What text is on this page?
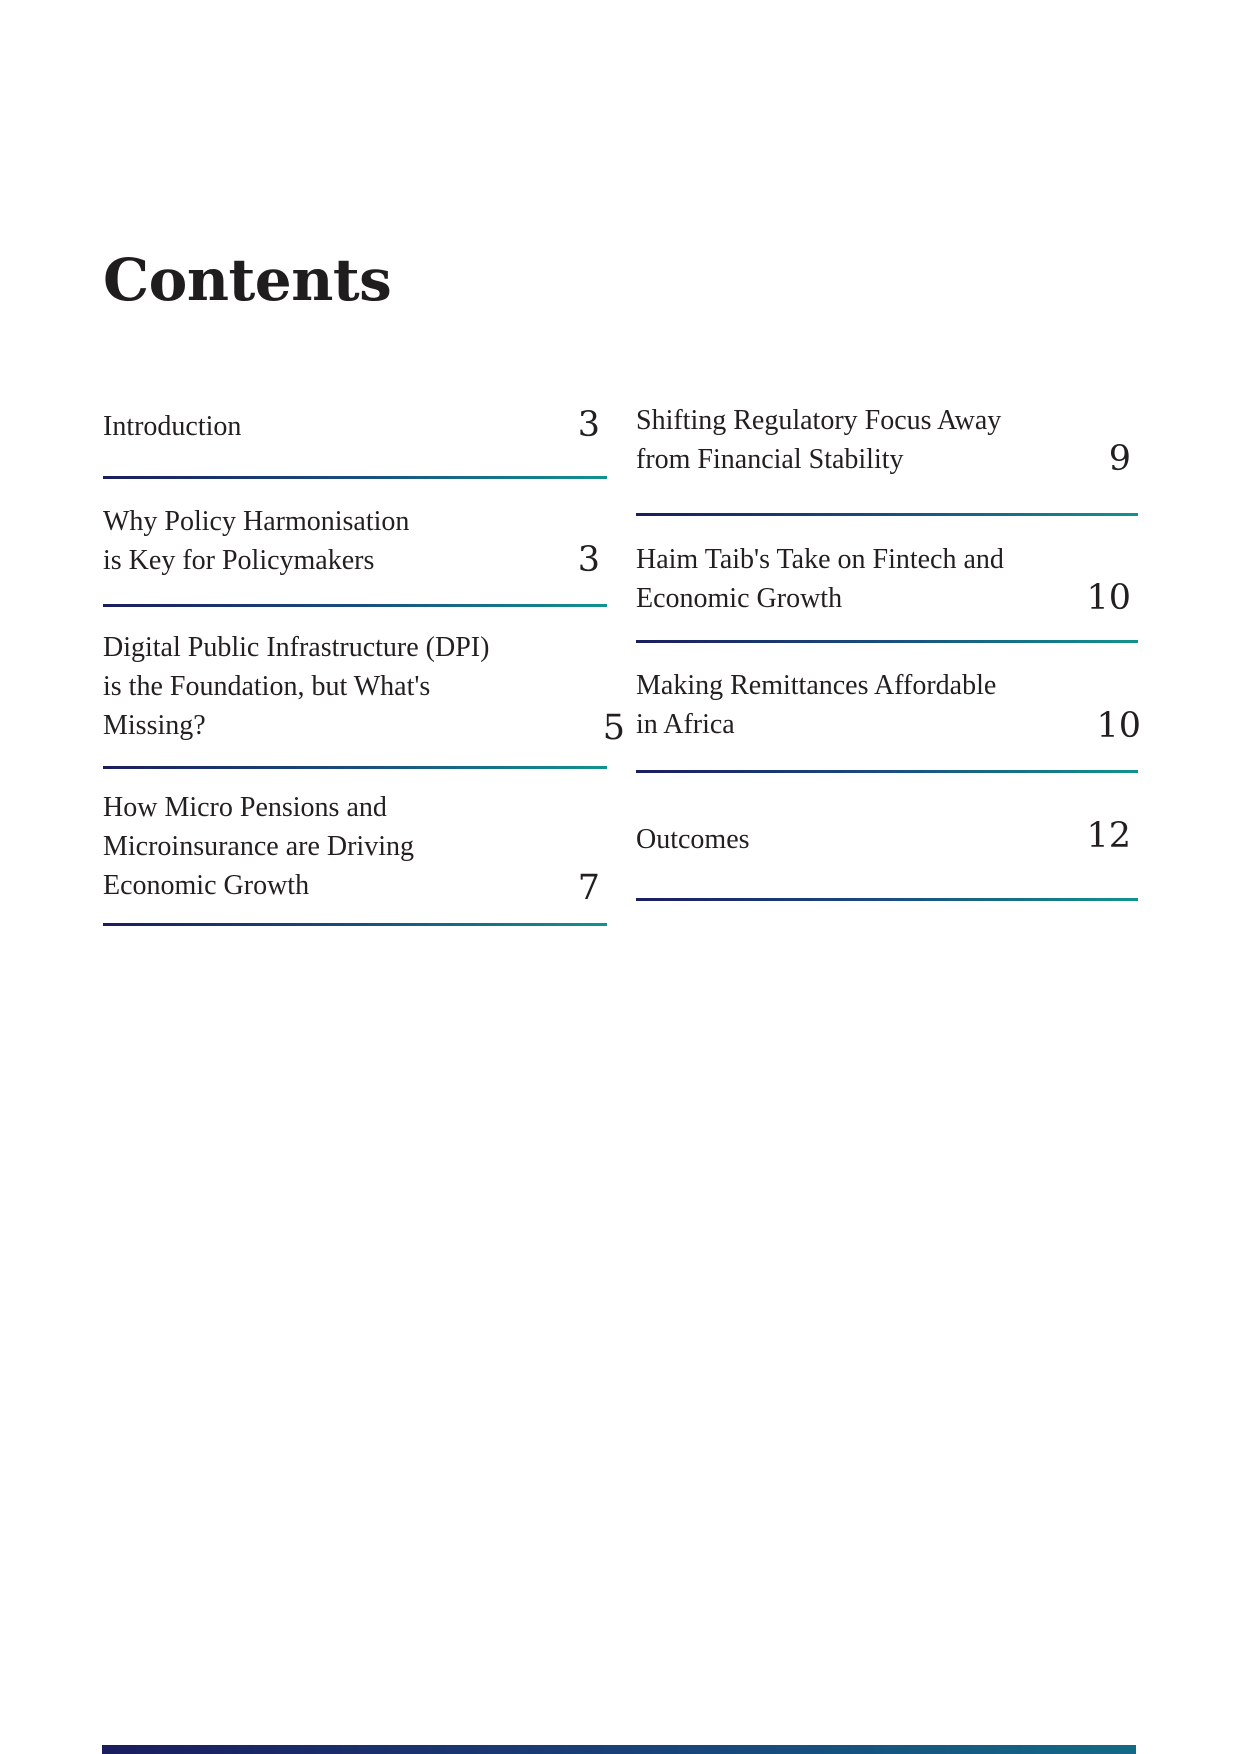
Contents
Introduction	3
Why Policy Harmonisation
is Key for Policymakers	3
Digital Public Infrastructure (DPI)
is the Foundation, but What's
Missing?	5
How Micro Pensions and
Microinsurance are Driving
Economic Growth	7
Shifting Regulatory Focus Away
from Financial Stability	9
Haim Taib's Take on Fintech and
Economic Growth	10
Making Remittances Affordable
in Africa	10
Outcomes	12
